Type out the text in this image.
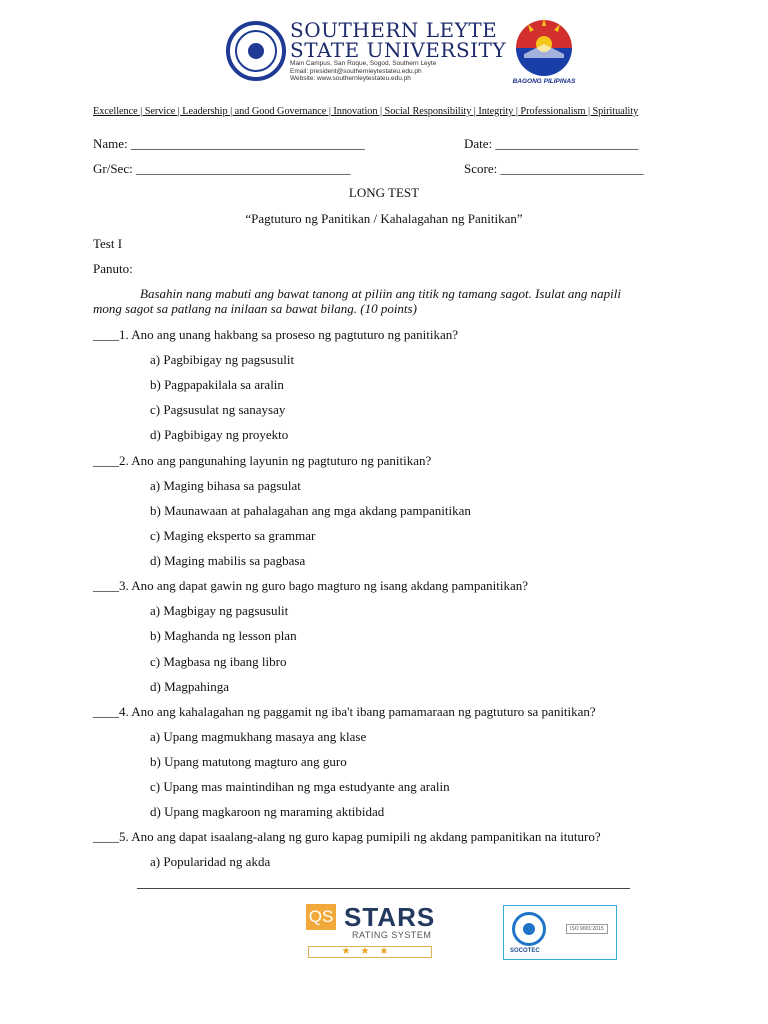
SOUTHERN LEYTE
STATE UNIVERSITY
Main Campus, San Roque, Sogod, Southern Leyte
Email: president@southernleytestateu.edu.ph
Website: www.southernleytestateu.edu.ph	BAGONG PILIPINAS
Excellence | Service | Leadership | and Good Governance | Innovation | Social Responsibility | Integrity | Professionalism | Spirituality
Name: ____________________________________	Date: ______________________
Gr/Sec: _________________________________	Score: ______________________
LONG TEST
“Pagtuturo ng Panitikan / Kahalagahan ng Panitikan”
Test I
Panuto:
Basahin nang mabuti ang bawat tanong at piliin ang titik ng tamang sagot. Isulat ang napili
mong sagot sa patlang na inilaan sa bawat bilang. (10 points)
____1. Ano ang unang hakbang sa proseso ng pagtuturo ng panitikan?
a) Pagbibigay ng pagsusulit
b) Pagpapakilala sa aralin
c) Pagsusulat ng sanaysay
d) Pagbibigay ng proyekto
____2. Ano ang pangunahing layunin ng pagtuturo ng panitikan?
a) Maging bihasa sa pagsulat
b) Maunawaan at pahalagahan ang mga akdang pampanitikan
c) Maging eksperto sa grammar
d) Maging mabilis sa pagbasa
____3. Ano ang dapat gawin ng guro bago magturo ng isang akdang pampanitikan?
a) Magbigay ng pagsusulit
b) Maghanda ng lesson plan
c) Magbasa ng ibang libro
d) Magpahinga
____4. Ano ang kahalagahan ng paggamit ng iba't ibang pamamaraan ng pagtuturo sa panitikan?
a) Upang magmukhang masaya ang klase
b) Upang matutong magturo ang guro
c) Upang mas maintindihan ng mga estudyante ang aralin
d) Upang magkaroon ng maraming aktibidad
____5. Ano ang dapat isaalang-alang ng guro kapag pumipili ng akdang pampanitikan na ituturo?
a) Popularidad ng akda
QS STARS
RATING SYSTEM
★★★	SOCOTEC
ISO 9001:2015
